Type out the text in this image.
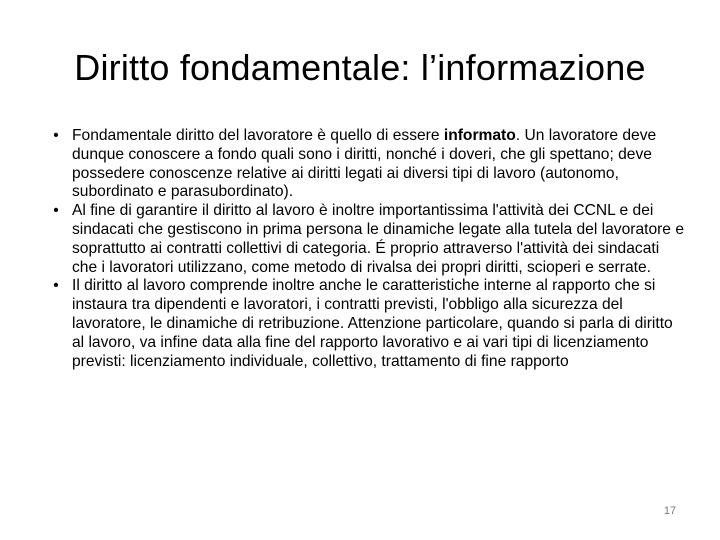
Diritto fondamentale: l’informazione
• Fondamentale diritto del lavoratore è quello di essere informato. Un lavoratore deve dunque conoscere a fondo quali sono i diritti, nonché i doveri, che gli spettano; deve possedere conoscenze relative ai diritti legati ai diversi tipi di lavoro (autonomo, subordinato e parasubordinato).
• Al fine di garantire il diritto al lavoro è inoltre importantissima l'attività dei CCNL e dei sindacati che gestiscono in prima persona le dinamiche legate alla tutela del lavoratore e soprattutto ai contratti collettivi di categoria. É proprio attraverso l'attività dei sindacati che i lavoratori utilizzano, come metodo di rivalsa dei propri diritti, scioperi e serrate.
• Il diritto al lavoro comprende inoltre anche le caratteristiche interne al rapporto che si instaura tra dipendenti e lavoratori, i contratti previsti, l'obbligo alla sicurezza del lavoratore, le dinamiche di retribuzione. Attenzione particolare, quando si parla di diritto al lavoro, va infine data alla fine del rapporto lavorativo e ai vari tipi di licenziamento previsti: licenziamento individuale, collettivo, trattamento di fine rapporto
17
